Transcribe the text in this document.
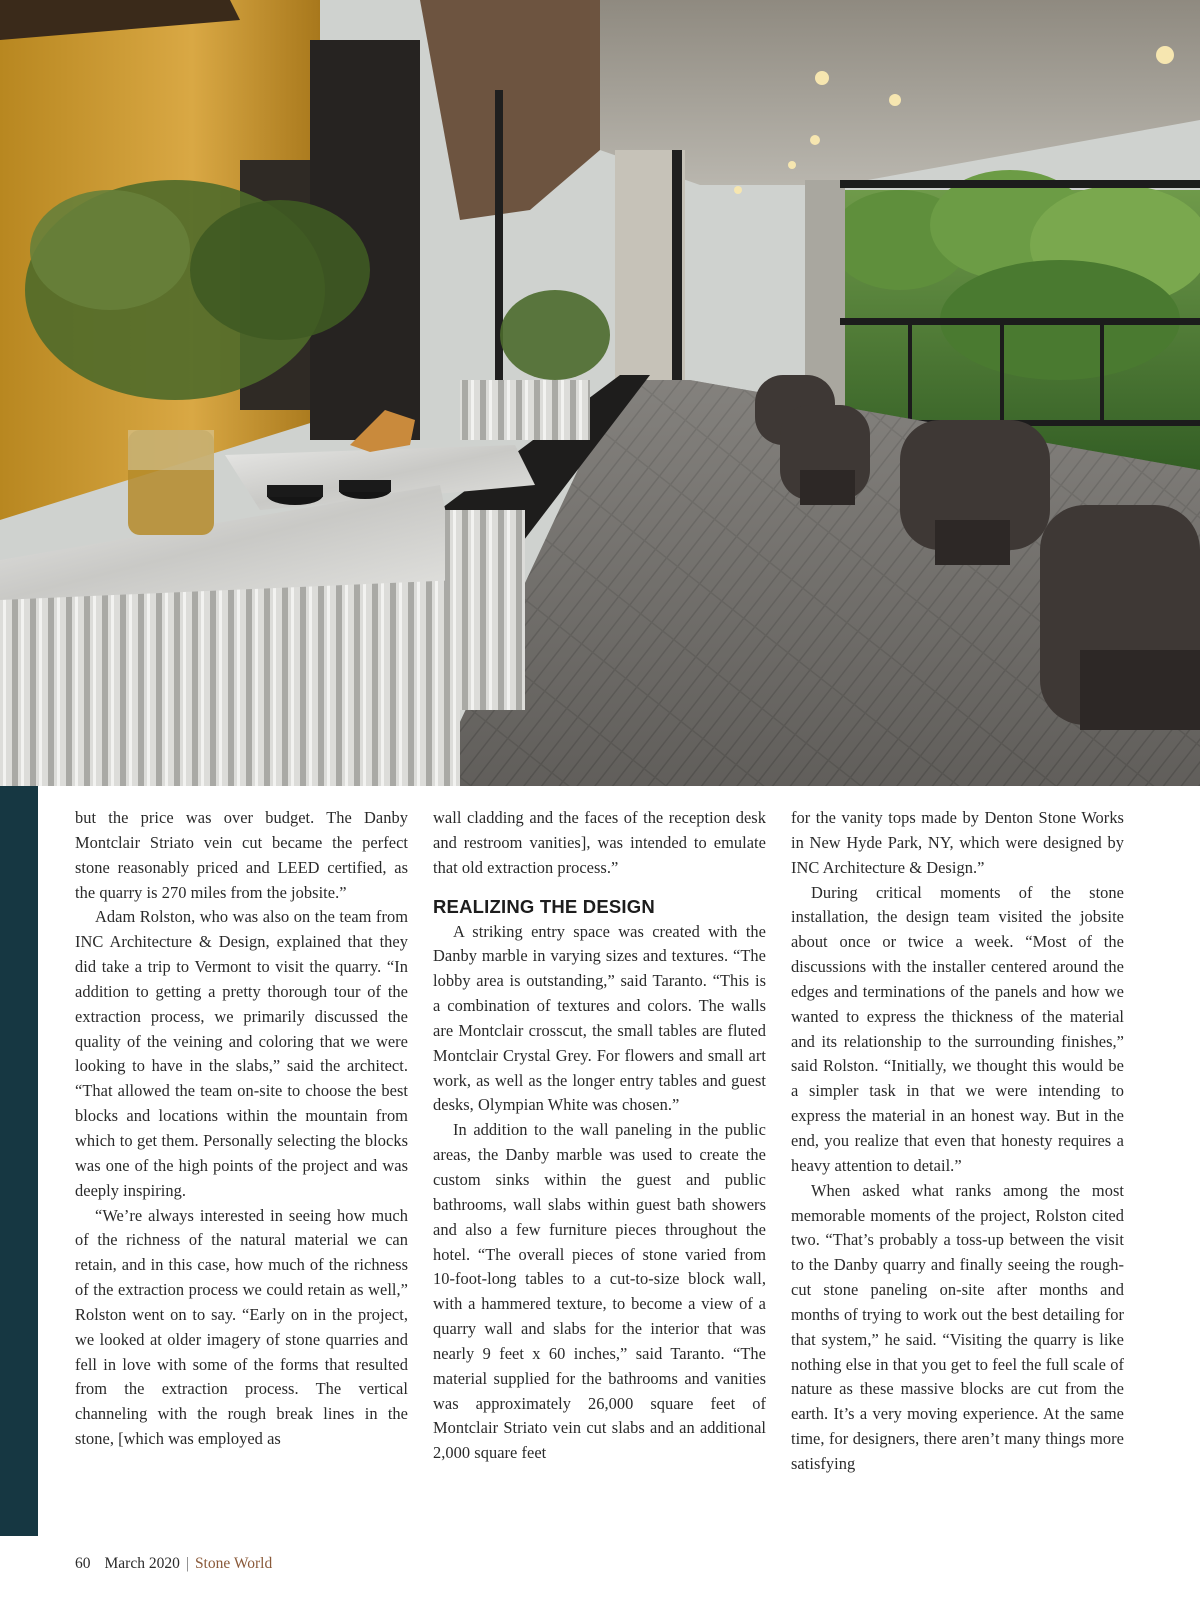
but the price was over budget. The Danby Montclair Striato vein cut became the perfect stone reasonably priced and LEED certified, as the quarry is 270 miles from the jobsite.”

Adam Rolston, who was also on the team from INC Architecture & Design, explained that they did take a trip to Vermont to visit the quarry. “In addition to getting a pretty thorough tour of the extraction process, we primarily discussed the quality of the veining and coloring that we were looking to have in the slabs,” said the architect. “That allowed the team on-site to choose the best blocks and locations within the mountain from which to get them. Personally selecting the blocks was one of the high points of the project and was deeply inspiring.

“We’re always interested in seeing how much of the richness of the natural material we can retain, and in this case, how much of the richness of the extraction process we could retain as well,” Rolston went on to say. “Early on in the project, we looked at older imagery of stone quarries and fell in love with some of the forms that resulted from the extraction process. The vertical channeling with the rough break lines in the stone, [which was employed as

wall cladding and the faces of the reception desk and restroom vanities], was intended to emulate that old extraction process.”

REALIZING THE DESIGN

A striking entry space was created with the Danby marble in varying sizes and textures. “The lobby area is outstanding,” said Taranto. “This is a combination of textures and colors. The walls are Montclair crosscut, the small tables are fluted Montclair Crystal Grey. For flowers and small art work, as well as the longer entry tables and guest desks, Olympian White was chosen.”

In addition to the wall paneling in the public areas, the Danby marble was used to create the custom sinks within the guest and public bathrooms, wall slabs within guest bath showers and also a few furniture pieces throughout the hotel. “The overall pieces of stone varied from 10-foot-long tables to a cut-to-size block wall, with a hammered texture, to become a view of a quarry wall and slabs for the interior that was nearly 9 feet x 60 inches,” said Taranto. “The material supplied for the bathrooms and vanities was approximately 26,000 square feet of Montclair Striato vein cut slabs and an additional 2,000 square feet

for the vanity tops made by Denton Stone Works in New Hyde Park, NY, which were designed by INC Architecture & Design.”

During critical moments of the stone installation, the design team visited the jobsite about once or twice a week. “Most of the discussions with the installer centered around the edges and terminations of the panels and how we wanted to express the thickness of the material and its relationship to the surrounding finishes,” said Rolston. “Initially, we thought this would be a simpler task in that we were intending to express the material in an honest way. But in the end, you realize that even that honesty requires a heavy attention to detail.”

When asked what ranks among the most memorable moments of the project, Rolston cited two. “That’s probably a toss-up between the visit to the Danby quarry and finally seeing the rough-cut stone paneling on-site after months and months of trying to work out the best detailing for that system,” he said. “Visiting the quarry is like nothing else in that you get to feel the full scale of nature as these massive blocks are cut from the earth. It’s a very moving experience. At the same time, for designers, there aren’t many things more satisfying

60 March 2020 | Stone World
